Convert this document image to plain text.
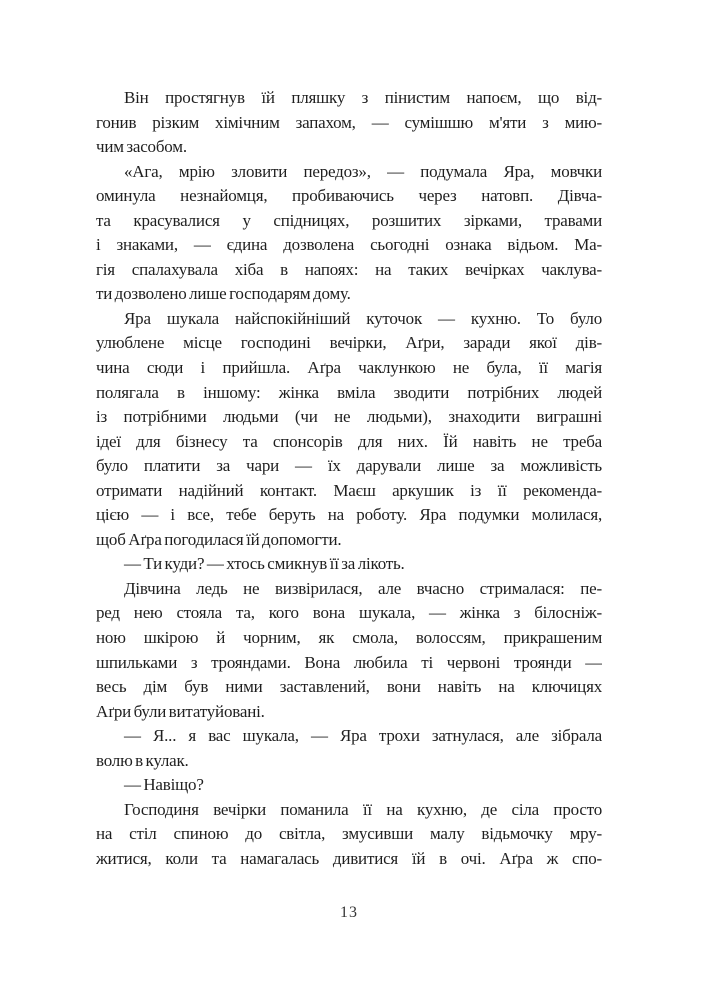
Він простягнув їй пляшку з пінистим напоєм, що від-
гонив різким хімічним запахом, — сумішшю м'яти з мию-
чим засобом.
«Ага, мрію зловити передоз», — подумала Яра, мовчки
оминула незнайомця, пробиваючись через натовп. Дівча-
та красувалися у спідницях, розшитих зірками, травами
і знаками, — єдина дозволена сьогодні ознака відьом. Ма-
гія спалахувала хіба в напоях: на таких вечірках чаклува-
ти дозволено лише господарям дому.
Яра шукала найспокійніший куточок — кухню. То було
улюблене місце господині вечірки, Аґри, заради якої дів-
чина сюди і прийшла. Аґра чаклункою не була, її магія
полягала в іншому: жінка вміла зводити потрібних людей
із потрібними людьми (чи не людьми), знаходити виграшні
ідеї для бізнесу та спонсорів для них. Їй навіть не треба
було платити за чари — їх дарували лише за можливість
отримати надійний контакт. Маєш аркушик із її рекоменда-
цією — і все, тебе беруть на роботу. Яра подумки молилася,
щоб Аґра погодилася їй допомогти.
— Ти куди? — хтось смикнув її за лікоть.
Дівчина ледь не визвірилася, але вчасно стрималася: пе-
ред нею стояла та, кого вона шукала, — жінка з білосніж-
ною шкірою й чорним, як смола, волоссям, прикрашеним
шпильками з трояндами. Вона любила ті червоні троянди —
весь дім був ними заставлений, вони навіть на ключицях
Аґри були витатуйовані.
— Я... я вас шукала, — Яра трохи затнулася, але зібрала
волю в кулак.
— Навіщо?
Господиня вечірки поманила її на кухню, де сіла просто
на стіл спиною до світла, змусивши малу відьмочку мру-
житися, коли та намагалась дивитися їй в очі. Аґра ж спо-
13
